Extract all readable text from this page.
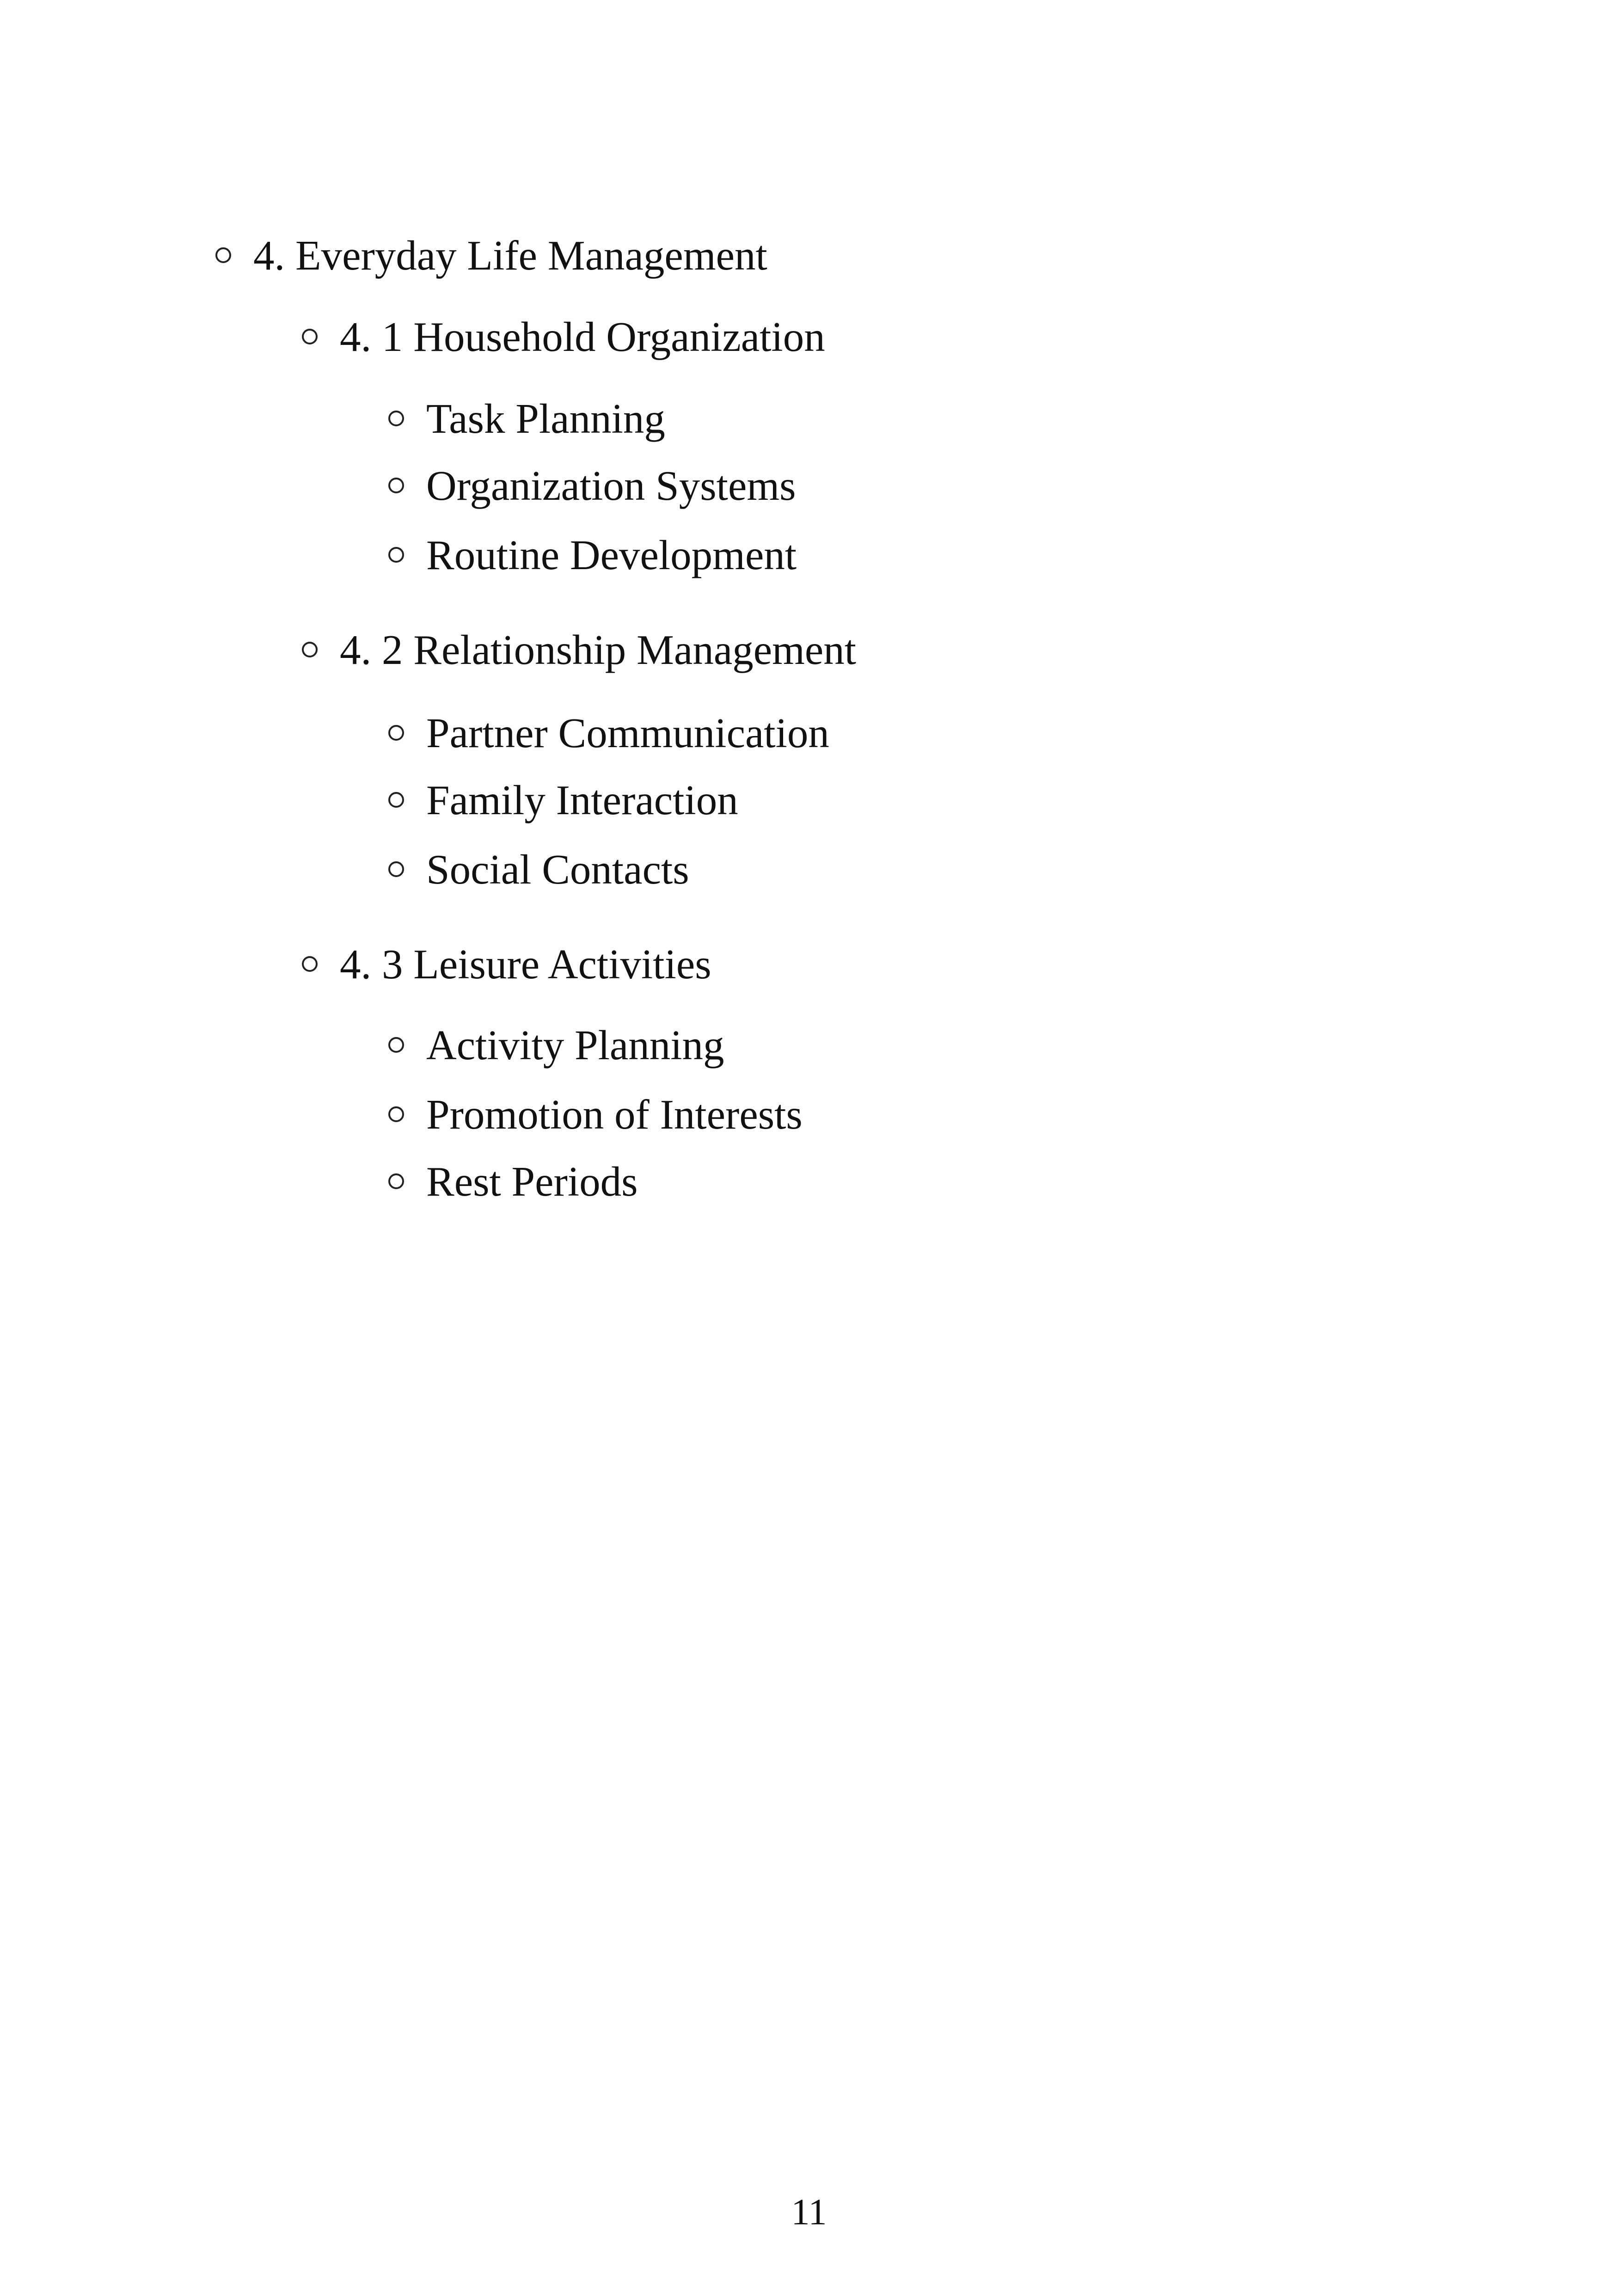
4. Everyday Life Management
4. 1 Household Organization
Task Planning
Organization Systems
Routine Development
4. 2 Relationship Management
Partner Communication
Family Interaction
Social Contacts
4. 3 Leisure Activities
Activity Planning
Promotion of Interests
Rest Periods
11
